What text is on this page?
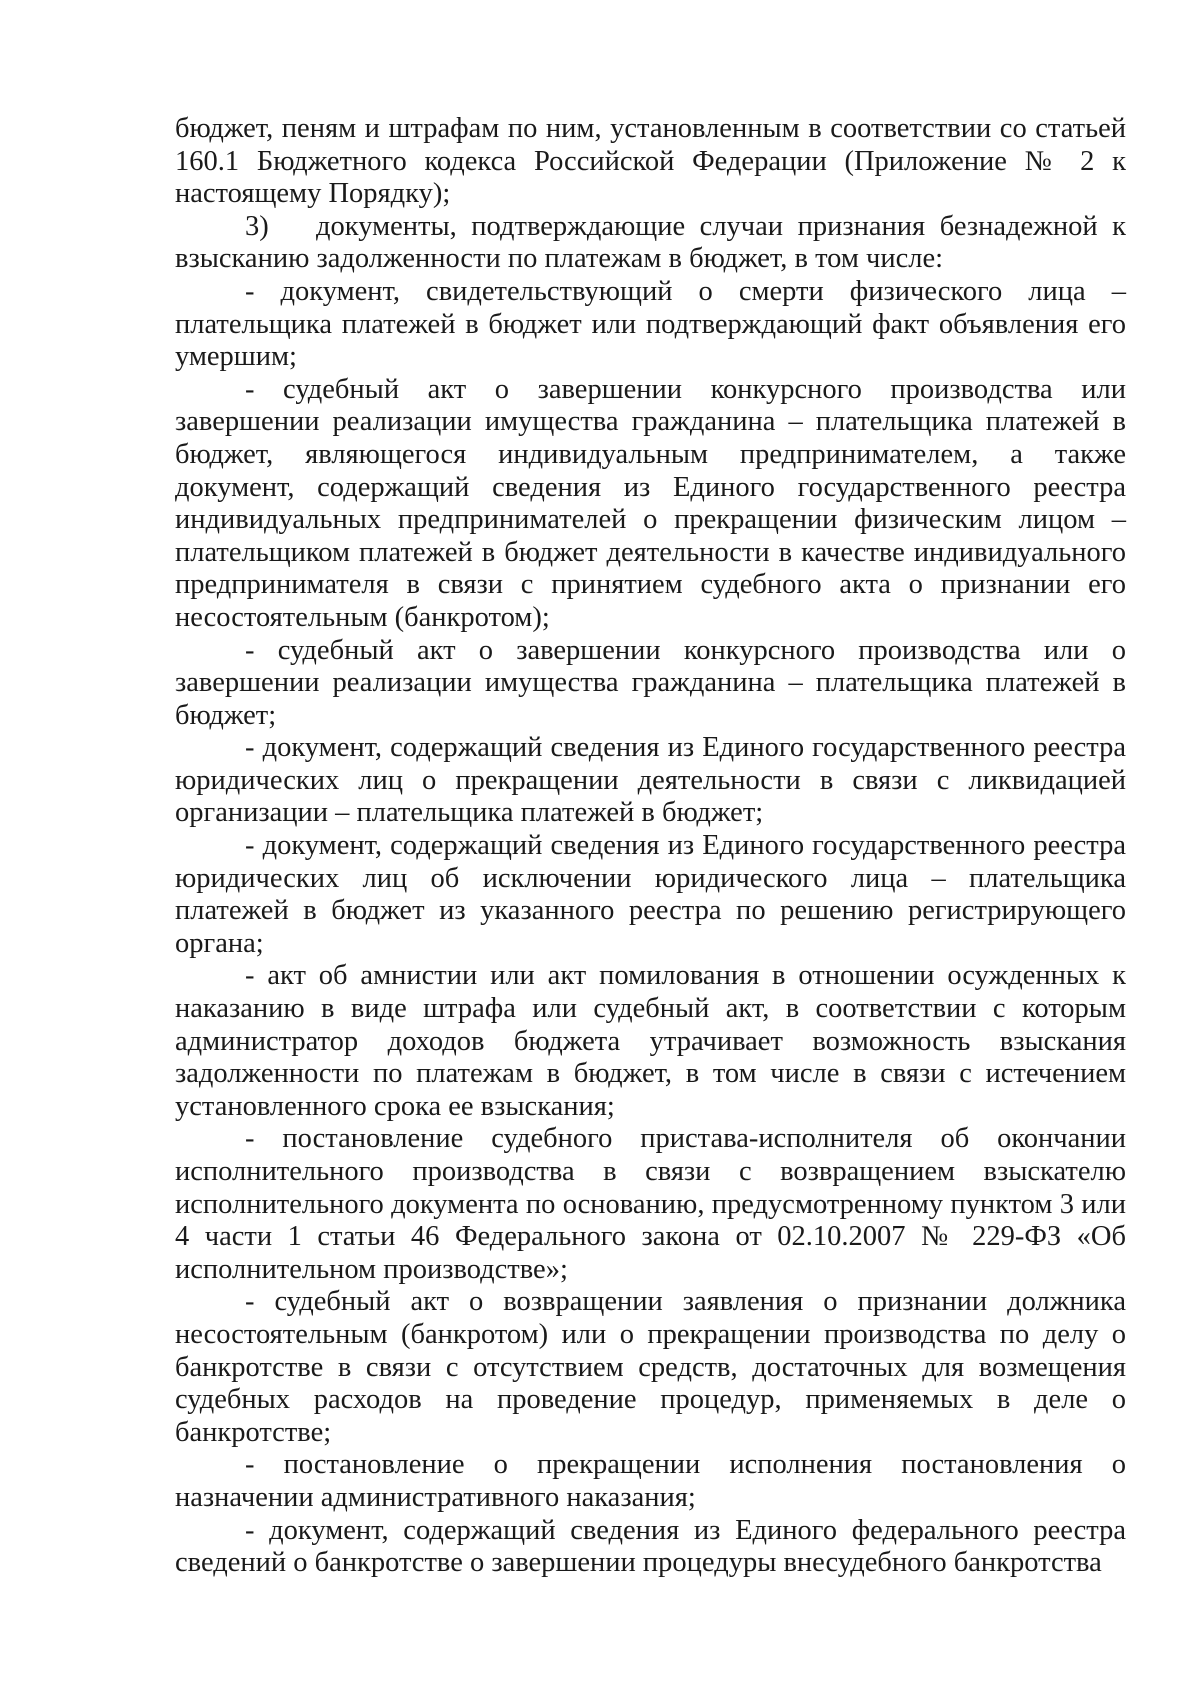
бюджет, пеням и штрафам по ним, установленным в соответствии со статьей 160.1 Бюджетного кодекса Российской Федерации (Приложение № 2 к настоящему Порядку);

3) документы, подтверждающие случаи признания безнадежной к взысканию задолженности по платежам в бюджет, в том числе:

- документ, свидетельствующий о смерти физического лица – плательщика платежей в бюджет или подтверждающий факт объявления его умершим;

- судебный акт о завершении конкурсного производства или завершении реализации имущества гражданина – плательщика платежей в бюджет, являющегося индивидуальным предпринимателем, а также документ, содержащий сведения из Единого государственного реестра индивидуальных предпринимателей о прекращении физическим лицом – плательщиком платежей в бюджет деятельности в качестве индивидуального предпринимателя в связи с принятием судебного акта о признании его несостоятельным (банкротом);

- судебный акт о завершении конкурсного производства или о завершении реализации имущества гражданина – плательщика платежей в бюджет;

- документ, содержащий сведения из Единого государственного реестра юридических лиц о прекращении деятельности в связи с ликвидацией организации – плательщика платежей в бюджет;

- документ, содержащий сведения из Единого государственного реестра юридических лиц об исключении юридического лица – плательщика платежей в бюджет из указанного реестра по решению регистрирующего органа;

- акт об амнистии или акт помилования в отношении осужденных к наказанию в виде штрафа или судебный акт, в соответствии с которым администратор доходов бюджета утрачивает возможность взыскания задолженности по платежам в бюджет, в том числе в связи с истечением установленного срока ее взыскания;

- постановление судебного пристава-исполнителя об окончании исполнительного производства в связи с возвращением взыскателю исполнительного документа по основанию, предусмотренному пунктом 3 или 4 части 1 статьи 46 Федерального закона от 02.10.2007 № 229-ФЗ «Об исполнительном производстве»;

- судебный акт о возвращении заявления о признании должника несостоятельным (банкротом) или о прекращении производства по делу о банкротстве в связи с отсутствием средств, достаточных для возмещения судебных расходов на проведение процедур, применяемых в деле о банкротстве;

- постановление о прекращении исполнения постановления о назначении административного наказания;

- документ, содержащий сведения из Единого федерального реестра сведений о банкротстве о завершении процедуры внесудебного банкротства
